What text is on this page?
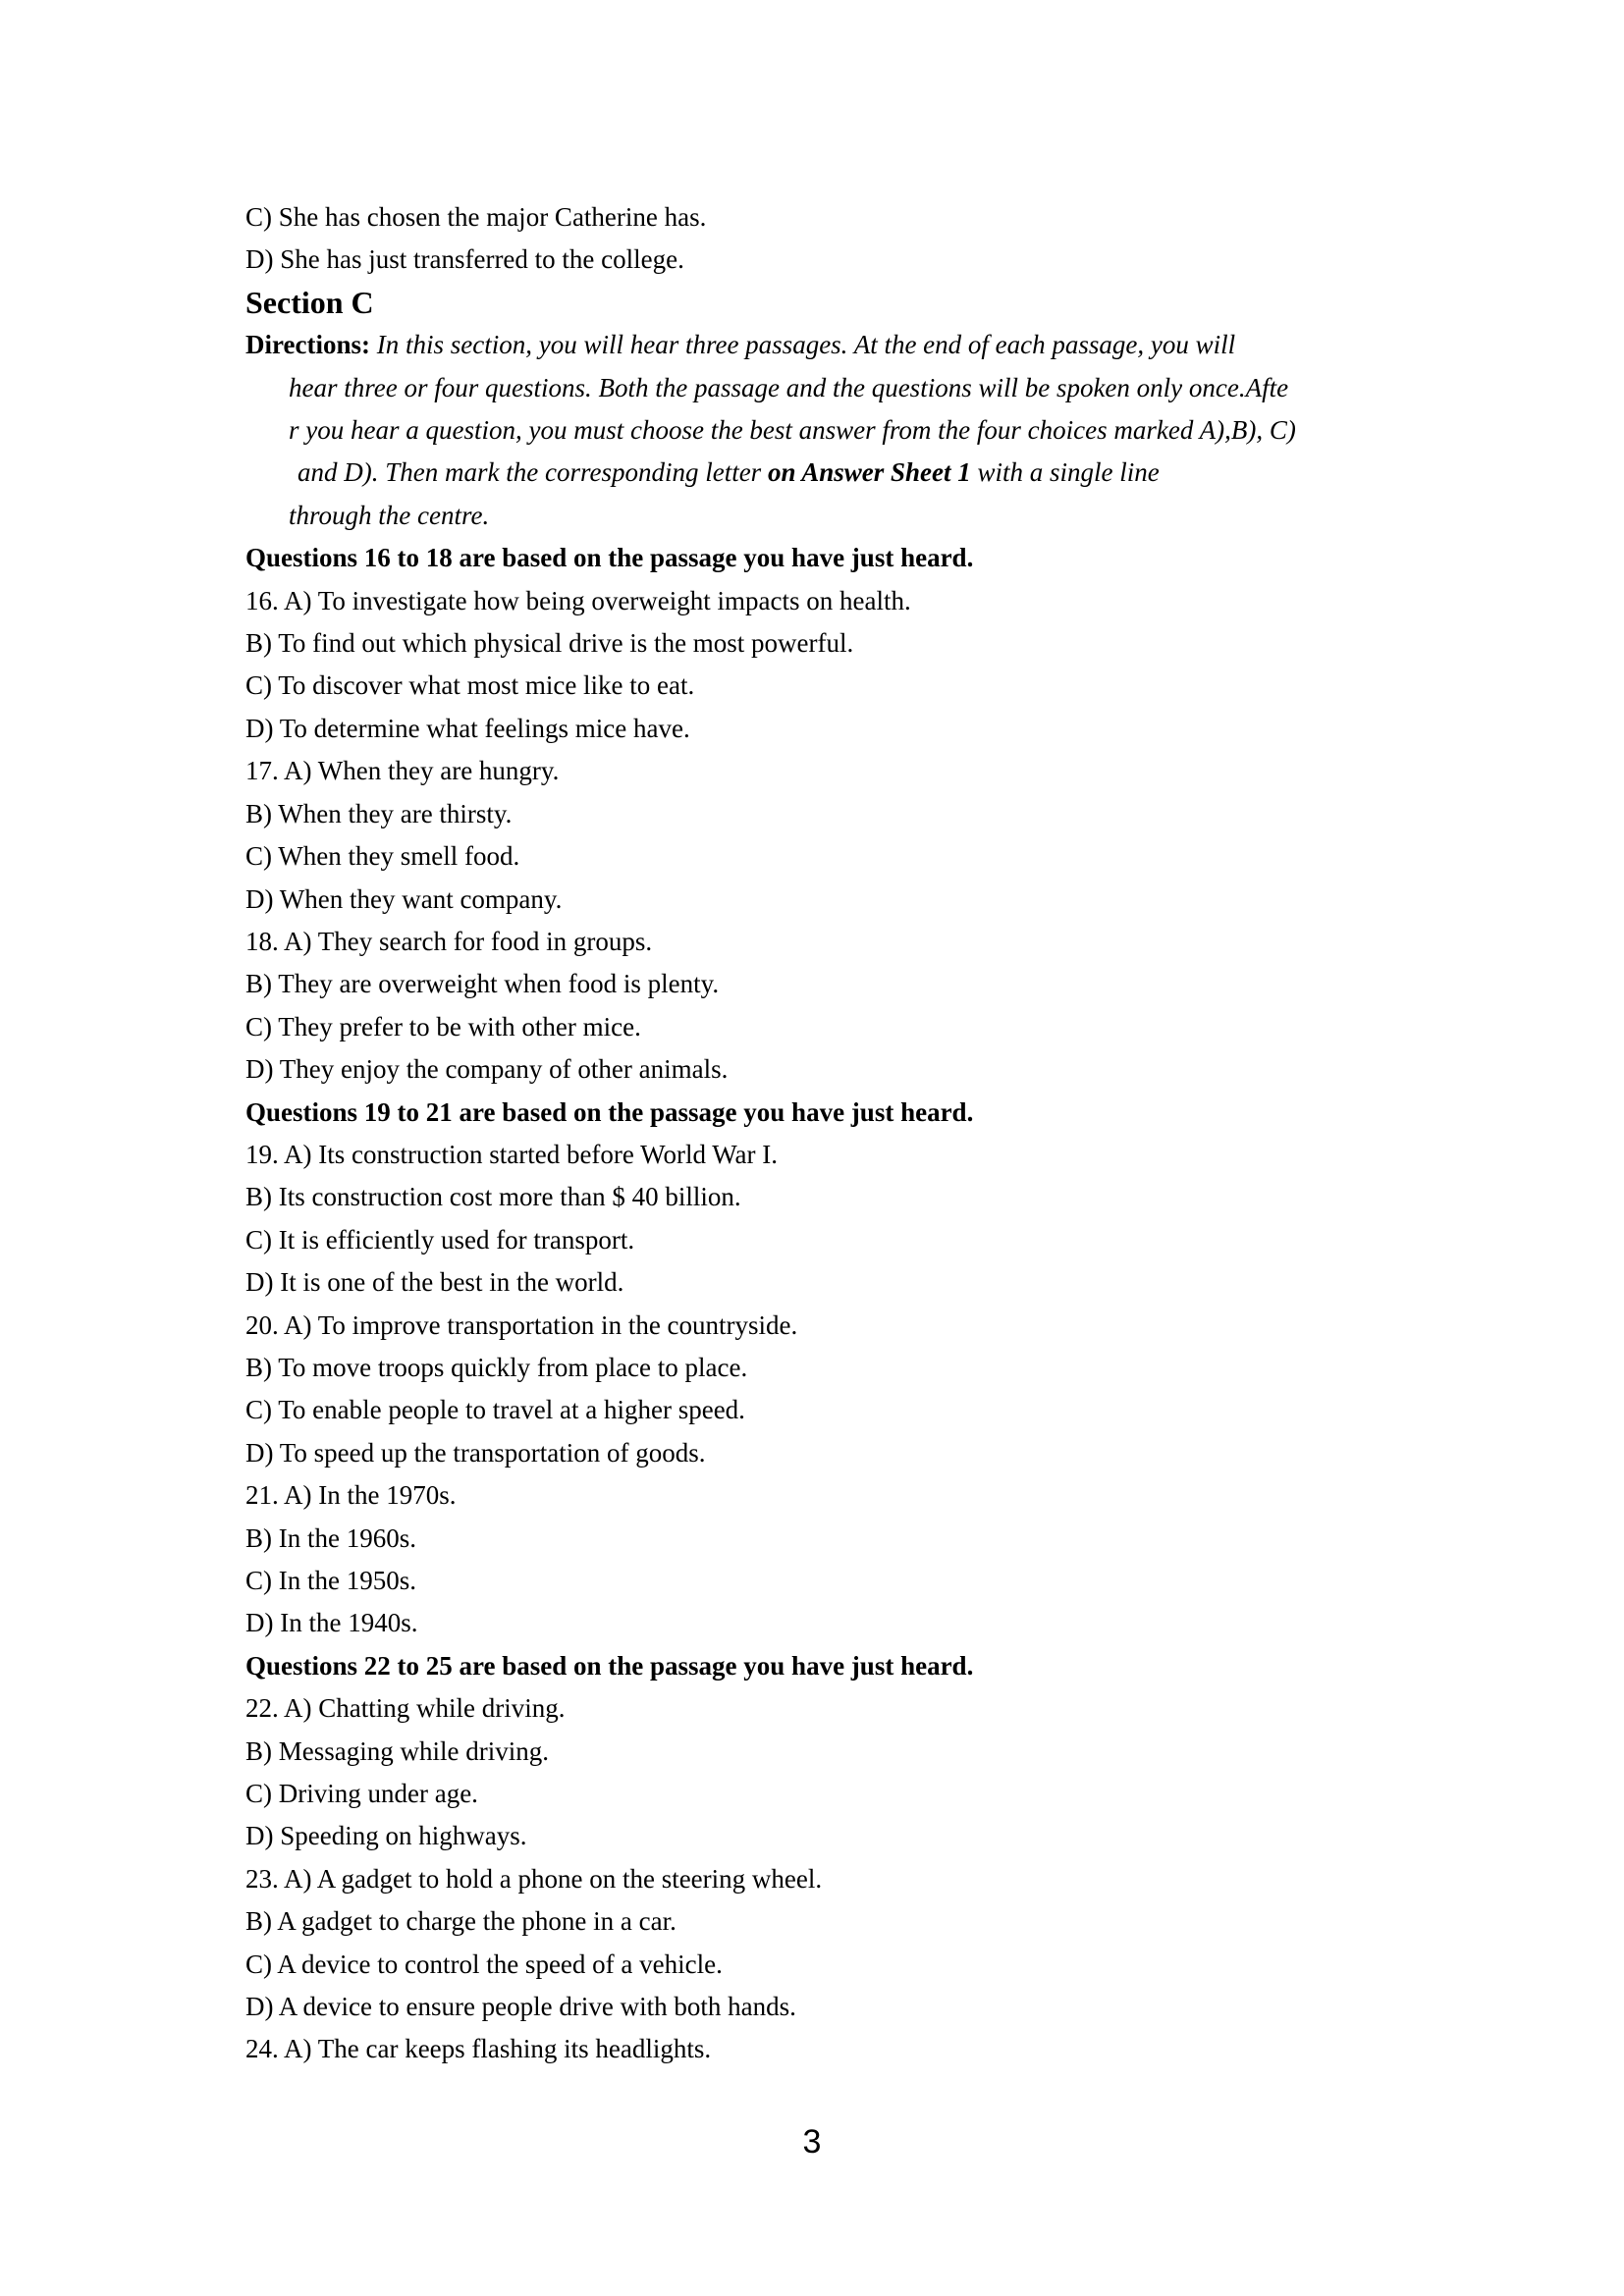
C) She has chosen the major Catherine has.
D) She has just transferred to the college.
Section C
Directions: In this section, you will hear three passages. At the end of each passage, you will
hear three or four questions. Both the passage and the questions will be spoken only once.Afte
r you hear a question, you must choose the best answer from the four choices marked A),B), C)
and D). Then mark the corresponding letter on Answer Sheet 1 with a single line
through the centre.
Questions 16 to 18 are based on the passage you have just heard.
16. A) To investigate how being overweight impacts on health.
B) To find out which physical drive is the most powerful.
C) To discover what most mice like to eat.
D) To determine what feelings mice have.
17. A) When they are hungry.
B) When they are thirsty.
C) When they smell food.
D) When they want company.
18. A) They search for food in groups.
B) They are overweight when food is plenty.
C) They prefer to be with other mice.
D) They enjoy the company of other animals.
Questions 19 to 21 are based on the passage you have just heard.
19. A) Its construction started before World War I.
B) Its construction cost more than $ 40 billion.
C) It is efficiently used for transport.
D) It is one of the best in the world.
20. A) To improve transportation in the countryside.
B) To move troops quickly from place to place.
C) To enable people to travel at a higher speed.
D) To speed up the transportation of goods.
21. A) In the 1970s.
B) In the 1960s.
C) In the 1950s.
D) In the 1940s.
Questions 22 to 25 are based on the passage you have just heard.
22. A) Chatting while driving.
B) Messaging while driving.
C) Driving under age.
D) Speeding on highways.
23. A) A gadget to hold a phone on the steering wheel.
B) A gadget to charge the phone in a car.
C) A device to control the speed of a vehicle.
D) A device to ensure people drive with both hands.
24. A) The car keeps flashing its headlights.
3
